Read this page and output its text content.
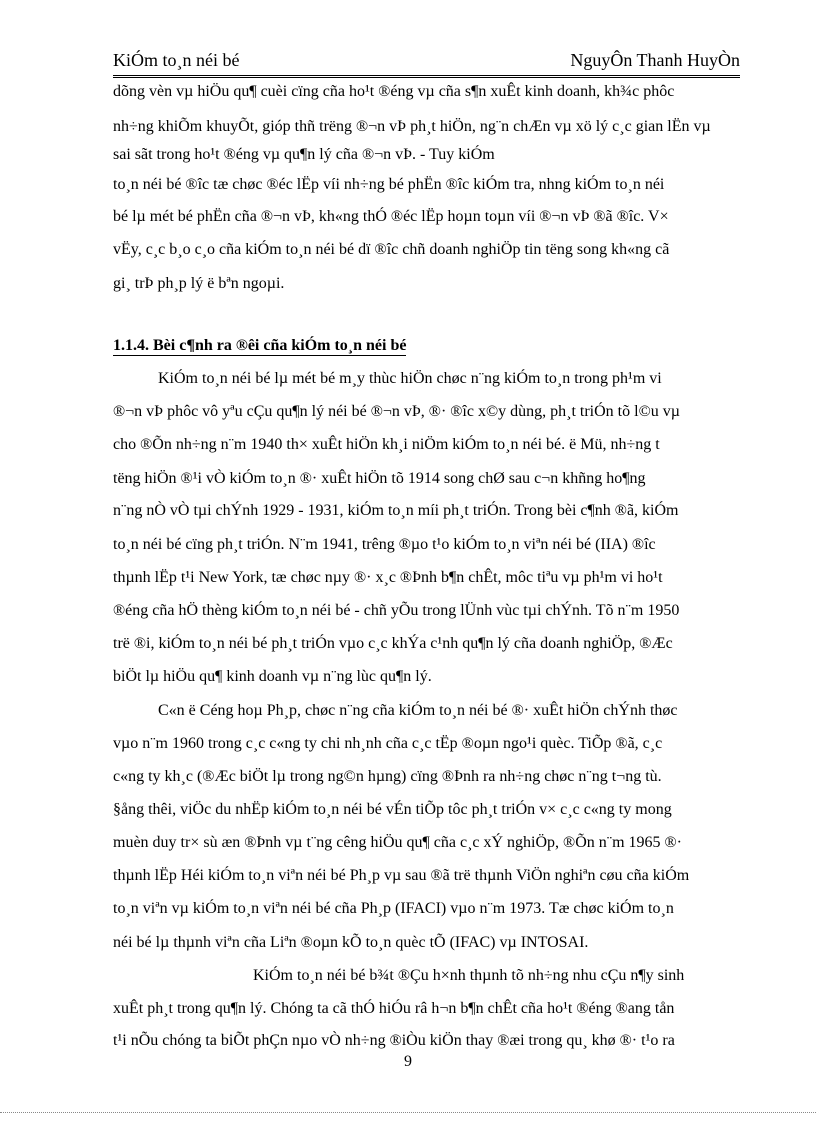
KiÓm to¸n néi bé	NguyÔn Thanh HuyÒn
dõng vèn vµ hiÖu qu¶ cuèi cïng cña ho¹t ®éng vµ cña s¶n xuÊt kinh doanh, kh¾c phôc
nh÷ng khiÕm khuyÕt, gióp thñ trëng ®¬n vÞ ph¸t hiÖn, ng¨n chÆn vµ xö lý c¸c gian lËn vµ
sai sãt trong ho¹t ®éng vµ qu¶n lý cña ®¬n vÞ. - Tuy kiÓm
to¸n néi bé ®îc tæ chøc ®éc lËp víi nh÷ng bé phËn ®îc kiÓm tra, nhng kiÓm to¸n néi
bé lµ mét bé phËn cña ®¬n vÞ, kh«ng thÓ ®éc lËp hoµn toµn víi ®¬n vÞ ®ã ®îc. V×
vËy, c¸c b¸o c¸o cña kiÓm to¸n néi bé dï ®îc chñ doanh nghiÖp tin tëng song kh«ng cã
gi¸ trÞ ph¸p lý ë bªn ngoµi.
1.1.4. Bèi c¶nh ra ®êi cña kiÓm to¸n néi bé
KiÓm to¸n néi bé lµ mét bé m¸y thùc hiÖn chøc n¨ng kiÓm to¸n trong ph¹m vi
®¬n vÞ phôc vô yªu cÇu qu¶n lý néi bé ®¬n vÞ, ®· ®îc x©y dùng, ph¸t triÓn tõ l©u vµ
cho ®Õn nh÷ng n¨m 1940 th× xuÊt hiÖn kh¸i niÖm kiÓm to¸n néi bé. ë Mü, nh÷ng t
tëng hiÖn ®¹i vÒ kiÓm to¸n ®· xuÊt hiÖn tõ 1914 song chØ sau c¬n khñng ho¶ng
n¨ng nÒ vÒ tµi chÝnh 1929 - 1931, kiÓm to¸n míi ph¸t triÓn. Trong bèi c¶nh ®ã, kiÓm
to¸n néi bé cïng ph¸t triÓn. N¨m 1941, trêng ®µo t¹o kiÓm to¸n viªn néi bé (IIA) ®îc
thµnh lËp t¹i New York, tæ chøc nµy ®· x¸c ®Þnh b¶n chÊt, môc tiªu vµ ph¹m vi ho¹t
®éng cña hÖ thèng kiÓm to¸n néi bé - chñ yÕu trong lÜnh vùc tµi chÝnh. Tõ n¨m 1950
trë ®i, kiÓm to¸n néi bé ph¸t triÓn vµo c¸c khÝa c¹nh qu¶n lý cña doanh nghiÖp, ®Æc
biÖt lµ hiÖu qu¶ kinh doanh vµ n¨ng lùc qu¶n lý.
C«n ë Céng hoµ Ph¸p, chøc n¨ng cña kiÓm to¸n néi bé ®· xuÊt hiÖn chÝnh thøc
vµo n¨m 1960 trong c¸c c«ng ty chi nh¸nh cña c¸c tËp ®oµn ngo¹i quèc. TiÕp ®ã, c¸c
c«ng ty kh¸c (®Æc biÖt lµ trong ng©n hµng) cïng ®Þnh ra nh÷ng chøc n¨ng t¬ng tù.
§ång thêi, viÖc du nhËp kiÓm to¸n néi bé vÉn tiÕp tôc ph¸t triÓn v× c¸c c«ng ty mong
muèn duy tr× sù æn ®Þnh vµ t¨ng cêng hiÖu qu¶ cña c¸c xÝ nghiÖp, ®Õn n¨m 1965 ®·
thµnh lËp Héi kiÓm to¸n viªn néi bé Ph¸p vµ sau ®ã trë thµnh ViÖn nghiªn cøu cña kiÓm
to¸n viªn vµ kiÓm to¸n viªn néi bé cña Ph¸p (IFACI) vµo n¨m 1973. Tæ chøc kiÓm to¸n
néi bé lµ thµnh viªn cña Liªn ®oµn kÕ to¸n quèc tÕ (IFAC) vµ INTOSAI.
KiÓm to¸n néi bé b¾t ®Çu h×nh thµnh tõ nh÷ng nhu cÇu n¶y sinh
xuÊt ph¸t trong qu¶n lý. Chóng ta cã thÓ hiÓu râ h¬n b¶n chÊt cña ho¹t ®éng ®ang tån
t¹i nÕu chóng ta biÕt phÇn nµo vÒ nh÷ng ®iÒu kiÖn thay ®æi trong qu¸ khø ®· t¹o ra
9
